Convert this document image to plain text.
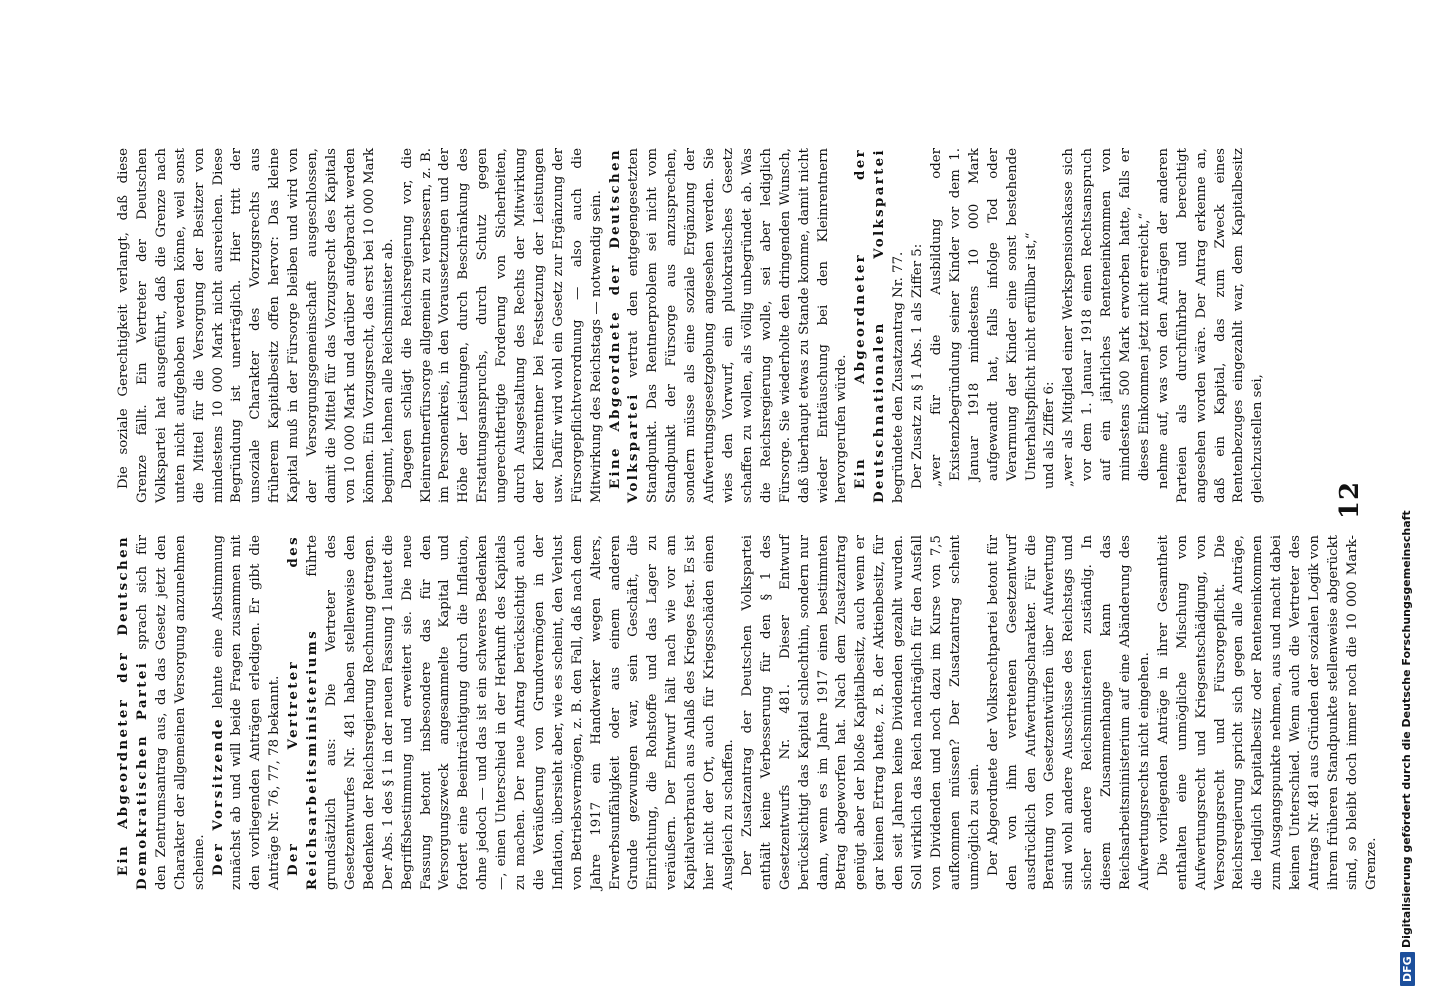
Ein Abgeordneter der Deutschen Demokratischen Partei sprach sich für den Zentrumsantrag aus, da das Gesetz jetzt den Charakter der allgemeinen Versorgung anzunehmen scheine. Der Vorsitzende lehnte eine Abstimmung zunächst ab und will beide Fragen zusammen mit den vorliegenden Anträgen erledigen. Er gibt die Anträge Nr. 76, 77, 78 bekannt. Der Vertreter des Reichsarbeitsministeriums führte grundsätzlich aus: Die Vertreter des Gesetzentwurfes Nr. 481 haben stellenweise den Bedenken der Reichsregierung Rechnung getragen. Der Abs. 1 des § 1 in der neuen Fassung 1 lautet die Begriffsbestimmung und erweitert sie. Die neue Fassung betont insbesondere das für den Versorgungszweck angesammelte Kapital und fordert eine Beeinträchtigung durch die Inflation, ohne jedoch — und das ist ein schweres Bedenken —, einen Unterschied in der Herkunft des Kapitals zu machen. Der neue Antrag berücksichtigt auch die Veräußerung von Grundvermögen in der Inflation, übersieht aber, wie es scheint, den Verlust von Betriebsvermögen, z. B. den Fall, daß nach dem Jahre 1917 ein Handwerker wegen Alters, Erwerbsunfähigkeit oder aus einem anderen Grunde gezwungen war, sein Geschäft, die Einrichtung, die Rohstoffe und das Lager zu veräußern. Der Entwurf hält nach wie vor am Kapitalverbrauch aus Anlaß des Krieges fest. Es ist hier nicht der Ort, auch für Kriegsschäden einen Ausgleich zu schaffen. Der Zusatzantrag der Deutschen Volkspartei enthält keine Verbesserung für den § 1 des Gesetzentwurfs Nr. 481. Dieser Entwurf berücksichtigt das Kapital schlechthin, sondern nur dann, wenn es im Jahre 1917 einen bestimmten Betrag abgeworfen hat. Nach dem Zusatzantrag genügt aber der bloße Kapitalbesitz, auch wenn er gar keinen Ertrag hatte, z. B. der Aktienbesitz, für den seit Jahren keine Dividenden gezahlt wurden. Soll wirklich das Reich nachträglich für den Ausfall von Dividenden und noch dazu im Kurse von 7,5 aufkommen müssen? Der Zusatzantrag scheint unmöglich zu sein. Der Abgeordnete der Volksrechtpartei betont für den von ihm vertretenen Gesetzentwurf ausdrücklich den Aufwertungscharakter. Für die Beratung von Gesetzentwürfen über Aufwertung sind wohl andere Ausschüsse des Reichstags und sicher andere Reichsministerien zuständig. In diesem Zusammenhange kann das Reichsarbeitsministerium auf eine Abänderung des Aufwertungsrechts nicht eingehen. Die vorliegenden Anträge in ihrer Gesamtheit enthalten eine unmögliche Mischung von Aufwertungsrecht und Kriegsentschädigung, von Versorgungsrecht und Fürsorgepflicht. Die Reichsregierung spricht sich gegen alle Anträge, die lediglich Kapitalbesitz oder Renteneinkommen zum Ausgangspunkte nehmen, aus und macht dabei keinen Unterschied. Wenn auch die Vertreter des Antrags Nr. 481 aus Gründen der sozialen Logik von ihrem früheren Standpunkte stellenweise abgerückt sind, so bleibt doch immer noch die 10 000 Mark-Grenze.

12

Die soziale Gerechtigkeit verlangt, daß diese Grenze fällt. Ein Vertreter der Deutschen Volkspartei hat ausgeführt, daß die Grenze nach unten nicht aufgehoben werden könne, weil sonst die Mittel für die Versorgung der Besitzer von mindestens 10 000 Mark nicht ausreichen. Diese Begründung ist unerträglich. Hier tritt der unsoziale Charakter des Vorzugsrechts aus früherem Kapitalbesitz offen hervor: Das kleine Kapital muß in der Fürsorge bleiben und wird von der Versorgungsgemeinschaft ausgeschlossen, damit die Mittel für das Vorzugsrecht des Kapitals von 10 000 Mark und darüber aufgebracht werden können. Ein Vorzugsrecht, das erst bei 10 000 Mark beginnt, lehnen alle Reichsminister ab. Dagegen schlägt die Reichsregierung vor, die Kleinrentnerfürsorge allgemein zu verbessern, z. B. im Personenkreis, in den Voraussetzungen und der Höhe der Leistungen, durch Beschränkung des Erstattungsanspruchs, durch Schutz gegen ungerechtfertigte Forderung von Sicherheiten, durch Ausgestaltung des Rechts der Mitwirkung der Kleinrentner bei Festsetzung der Leistungen usw. Dafür wird wohl ein Gesetz zur Ergänzung der Fürsorgepflichtverordnung — also auch die Mitwirkung des Reichstags — notwendig sein. Eine Abgeordnete der Deutschen Volkspartei vertrat den entgegengesetzten Standpunkt. Das Rentnerproblem sei nicht vom Standpunkt der Fürsorge aus anzusprechen, sondern müsse als eine soziale Ergänzung der Aufwertungsgesetzgebung angesehen werden. Sie wies den Vorwurf, ein plutokratisches Gesetz schaffen zu wollen, als völlig unbegründet ab. Was die Reichsregierung wolle, sei aber lediglich Fürsorge. Sie wiederholte den dringenden Wunsch, daß überhaupt etwas zu Stande komme, damit nicht wieder Enttäuschung bei den Kleinrentnern hervorgerufen würde. Ein Abgeordneter der Deutschnationalen Volkspartei begründete den Zusatzantrag Nr. 77. Der Zusatz zu § 1 Abs. 1 als Ziffer 5: „wer für die Ausbildung oder Existenzbegründung seiner Kinder vor dem 1. Januar 1918 mindestens 10 000 Mark aufgewandt hat, falls infolge Tod oder Verarmung der Kinder eine sonst bestehende Unterhaltspflicht nicht erfüllbar ist,“ und als Ziffer 6: „wer als Mitglied einer Werkspensionskasse sich vor dem 1. Januar 1918 einen Rechtsanspruch auf ein jährliches Renteneinkommen von mindestens 500 Mark erworben hatte, falls er dieses Einkommen jetzt nicht erreicht,“ nehme auf, was von den Anträgen der anderen Parteien als durchführbar und berechtigt angesehen worden wäre. Der Antrag erkenne an, daß ein Kapital, das zum Zweck eines Rentenbezuges eingezahlt war, dem Kapitalbesitz gleichzustellen sei,

DFG
Digitalisierung gefördert durch die Deutsche Forschungsgemeinschaft
